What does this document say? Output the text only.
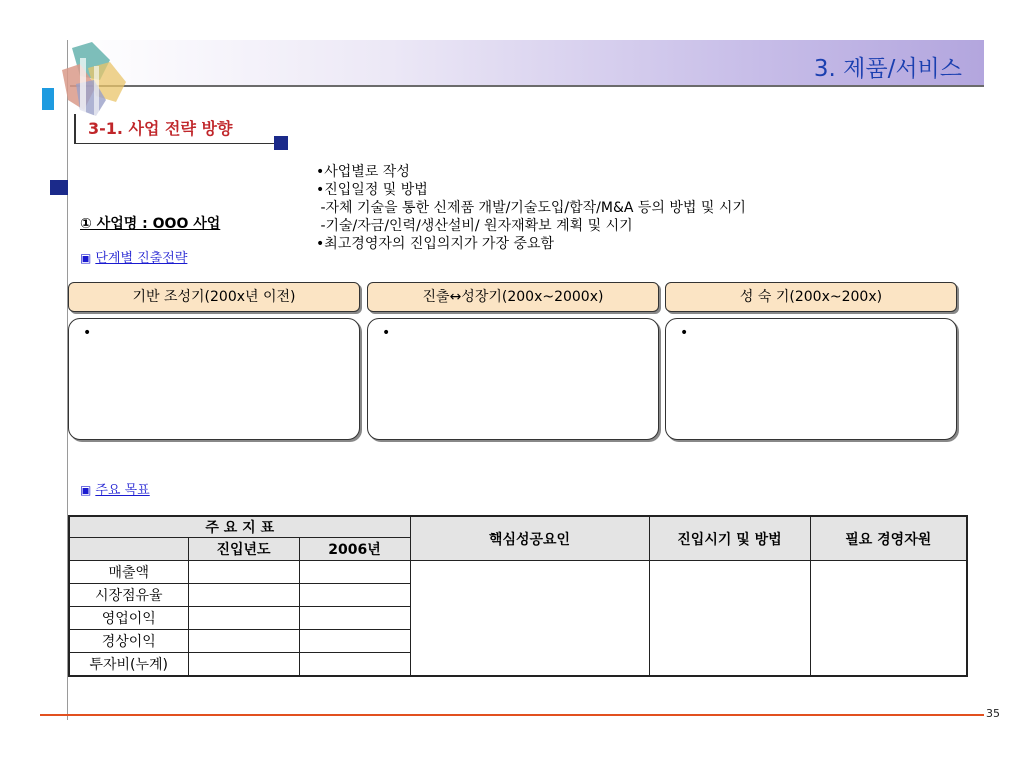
3. 제품/서비스
3-1. 사업 전략 방향
•사업별로 작성
•진입일정 및 방법
-자체 기술을 통한 신제품 개발/기술도입/합작/M&A 등의 방법 및 시기
-기술/자금/인력/생산설비/ 원자재확보 계획 및 시기
•최고경영자의 진입의지가 가장 중요함
① 사업명 : OOO 사업
▣ 단계별 진출전략
기반 조성기(200x년 이전)	진출↔성장기(200x~2000x)	성 숙 기(200x~200x)
•	•	•
▣ 주요 목표
주 요 지 표			핵심성공요인	진입시기 및 방법	필요 경영자원
	진입년도	2006년			
매출액					
시장점유율					
영업이익					
경상이익					
투자비(누계)					
35
